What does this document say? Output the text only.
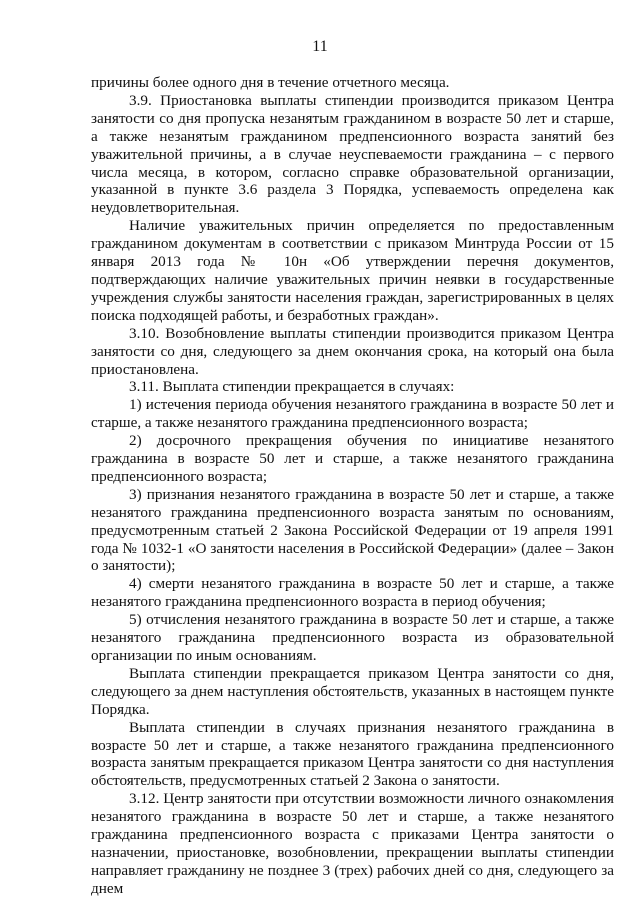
11

причины более одного дня в течение отчетного месяца.

3.9. Приостановка выплаты стипендии производится приказом Центра занятости со дня пропуска незанятым гражданином в возрасте 50 лет и старше, а также незанятым гражданином предпенсионного возраста занятий без уважительной причины, а в случае неуспеваемости гражданина – с первого числа месяца, в котором, согласно справке образовательной организации, указанной в пункте 3.6 раздела 3 Порядка, успеваемость определена как неудовлетворительная.

Наличие уважительных причин определяется по предоставленным гражданином документам в соответствии с приказом Минтруда России от 15 января 2013 года № 10н «Об утверждении перечня документов, подтверждающих наличие уважительных причин неявки в государственные учреждения службы занятости населения граждан, зарегистрированных в целях поиска подходящей работы, и безработных граждан».

3.10. Возобновление выплаты стипендии производится приказом Центра занятости со дня, следующего за днем окончания срока, на который она была приостановлена.

3.11. Выплата стипендии прекращается в случаях:

1) истечения периода обучения незанятого гражданина в возрасте 50 лет и старше, а также незанятого гражданина предпенсионного возраста;

2) досрочного прекращения обучения по инициативе незанятого гражданина в возрасте 50 лет и старше, а также незанятого гражданина предпенсионного возраста;

3) признания незанятого гражданина в возрасте 50 лет и старше, а также незанятого гражданина предпенсионного возраста занятым по основаниям, предусмотренным статьей 2 Закона Российской Федерации от 19 апреля 1991 года № 1032-1 «О занятости населения в Российской Федерации» (далее – Закон о занятости);

4) смерти незанятого гражданина в возрасте 50 лет и старше, а также незанятого гражданина предпенсионного возраста в период обучения;

5) отчисления незанятого гражданина в возрасте 50 лет и старше, а также незанятого гражданина предпенсионного возраста из образовательной организации по иным основаниям.

Выплата стипендии прекращается приказом Центра занятости со дня, следующего за днем наступления обстоятельств, указанных в настоящем пункте Порядка.

Выплата стипендии в случаях признания незанятого гражданина в возрасте 50 лет и старше, а также незанятого гражданина предпенсионного возраста занятым прекращается приказом Центра занятости со дня наступления обстоятельств, предусмотренных статьей 2 Закона о занятости.

3.12. Центр занятости при отсутствии возможности личного ознакомления незанятого гражданина в возрасте 50 лет и старше, а также незанятого гражданина предпенсионного возраста с приказами Центра занятости о назначении, приостановке, возобновлении, прекращении выплаты стипендии направляет гражданину не позднее 3 (трех) рабочих дней со дня, следующего за днем
